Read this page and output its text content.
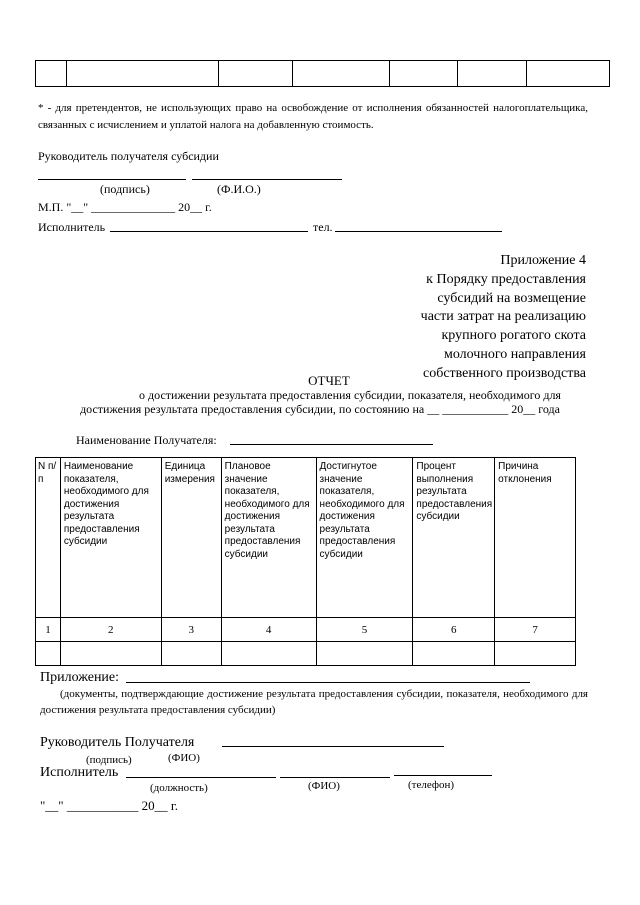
* - для претендентов, не использующих право на освобождение от исполнения обязанностей налогоплательщика, связанных с исчислением и уплатой налога на добавленную стоимость.
Руководитель получателя субсидии
(подпись)	(Ф.И.О.)
М.П. "__" ______________ 20__ г.
Исполнитель	тел.
Приложение 4
к Порядку предоставления
субсидий на возмещение
части затрат на реализацию
крупного рогатого скота
молочного направления
собственного производства
ОТЧЕТ
о достижении результата предоставления субсидии, показателя, необходимого для
достижения результата предоставления субсидии, по состоянию на __ ___________ 20__ года
Наименование Получателя:
N п/п	Наименование показателя, необходимого для достижения результата предоставления субсидии	Единица измерения	Плановое значение показателя, необходимого для достижения результата предоставления субсидии	Достигнутое значение показателя, необходимого для достижения результата предоставления субсидии	Процент выполнения результата предоставления субсидии	Причина отклонения

1	2	3	4	5	6	7

Приложение:
(документы, подтверждающие достижение результата предоставления субсидии, показателя, необходимого для достижения результата предоставления субсидии)
Руководитель Получателя
(подпись)	(ФИО)
Исполнитель
(должность)	(ФИО)	(телефон)
"__" ___________ 20__ г.
